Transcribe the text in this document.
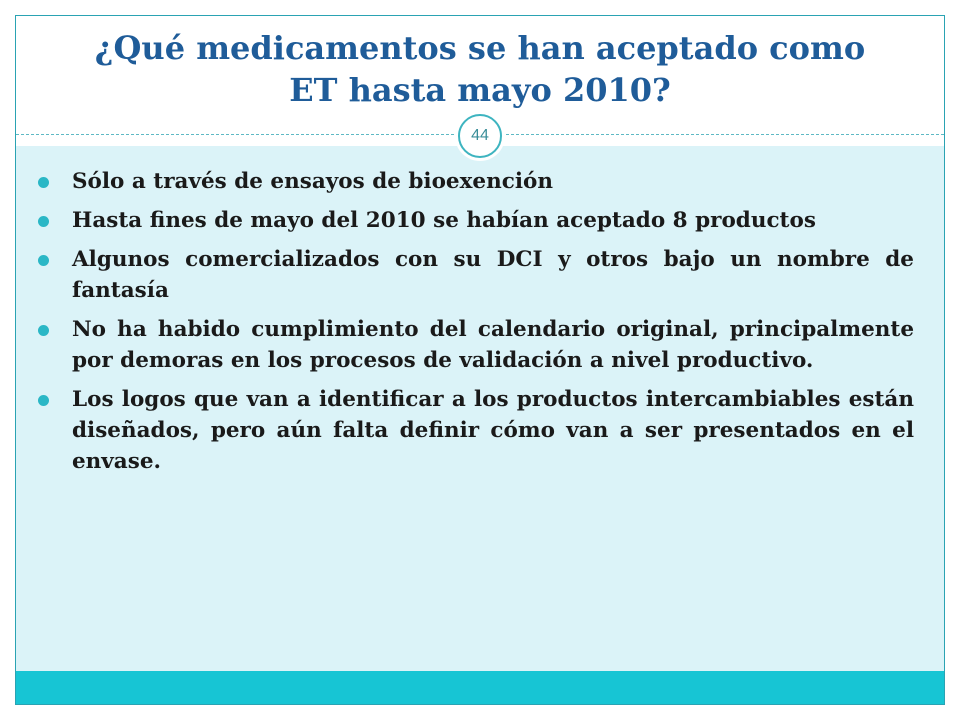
¿Qué medicamentos se han aceptado como
ET hasta mayo 2010?
44
Sólo a través de ensayos de bioexención
Hasta fines de mayo del 2010 se habían aceptado 8 productos
Algunos comercializados con su DCI y otros bajo un nombre de fantasía
No ha habido cumplimiento del calendario original, principalmente por demoras en los procesos de validación a nivel productivo.
Los logos que van a identificar a los productos intercambiables están diseñados, pero aún falta definir cómo van a ser presentados en el envase.
